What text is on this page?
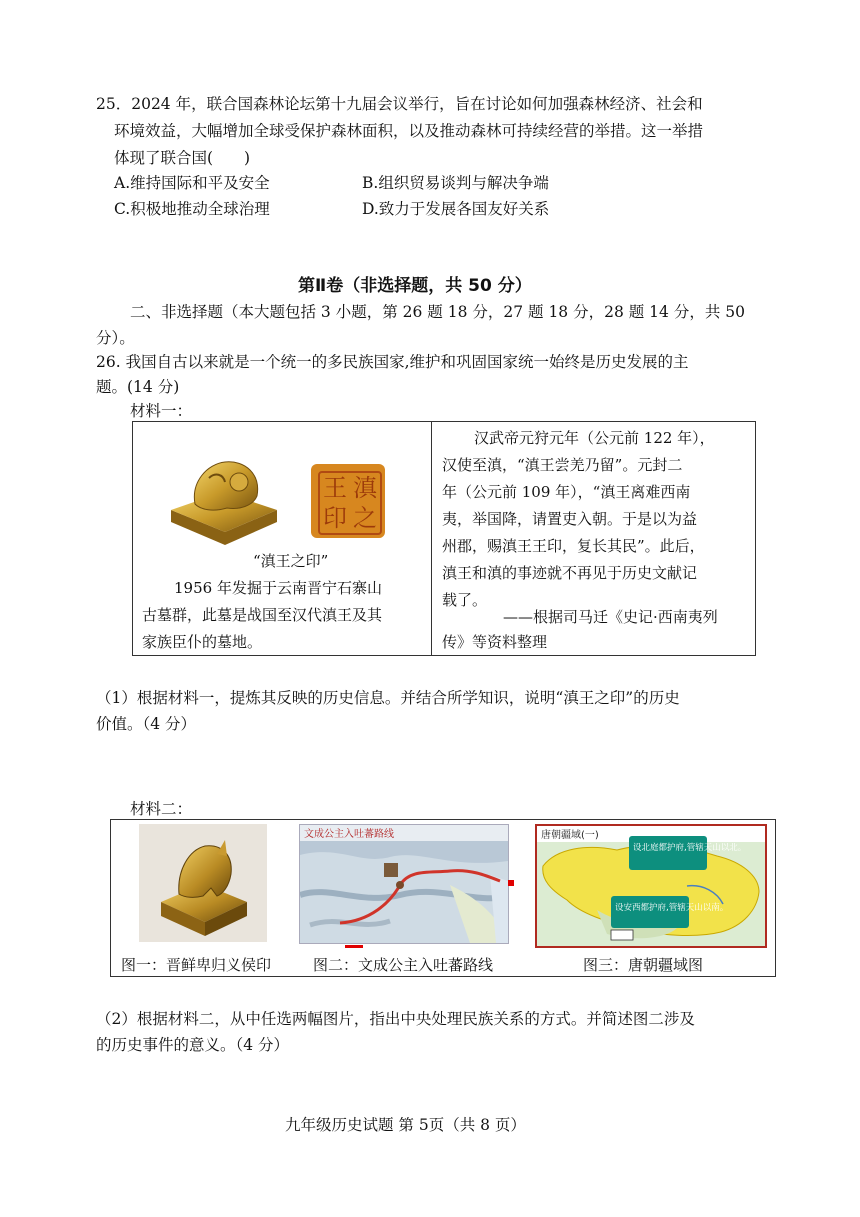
25．2024 年，联合国森林论坛第十九届会议举行，旨在讨论如何加强森林经济、社会和
环境效益，大幅增加全球受保护森林面积，以及推动森林可持续经营的举措。这一举措
体现了联合国(　　)
A.维持国际和平及安全	B.组织贸易谈判与解决争端
C.积极地推动全球治理	D.致力于发展各国友好关系
第Ⅱ卷（非选择题，共 50 分）
二、非选择题（本大题包括 3 小题，第 26 题 18 分，27 题 18 分，28 题 14 分，共 50
分）。
26. 我国自古以来就是一个统一的多民族国家,维护和巩固国家统一始终是历史发展的主
题。(14 分)
材料一：
滇
王
之
印
“滇王之印”
1956 年发掘于云南晋宁石寨山
古墓群，此墓是战国至汉代滇王及其
家族臣仆的墓地。
汉武帝元狩元年（公元前 122 年），
汉使至滇，“滇王尝羌乃留”。元封二
年（公元前 109 年），“滇王离难西南
夷，举国降，请置吏入朝。于是以为益
州郡，赐滇王王印，复长其民”。此后，
滇王和滇的事迹就不再见于历史文献记
载了。
——根据司马迁《史记·西南夷列
传》等资料整理
（1）根据材料一，提炼其反映的历史信息。并结合所学知识，说明“滇王之印”的历史
价值。（4 分）
材料二：
文成公主入吐蕃路线	唐朝疆域(一)
设北庭都护府,管辖天山以北。
设安西都护府,管辖天山以南。
图一：晋鲜卑归义侯印	图二：文成公主入吐蕃路线	图三：唐朝疆域图
（2）根据材料二，从中任选两幅图片，指出中央处理民族关系的方式。并简述图二涉及
的历史事件的意义。（4 分）
九年级历史试题 第 5页（共 8 页）
